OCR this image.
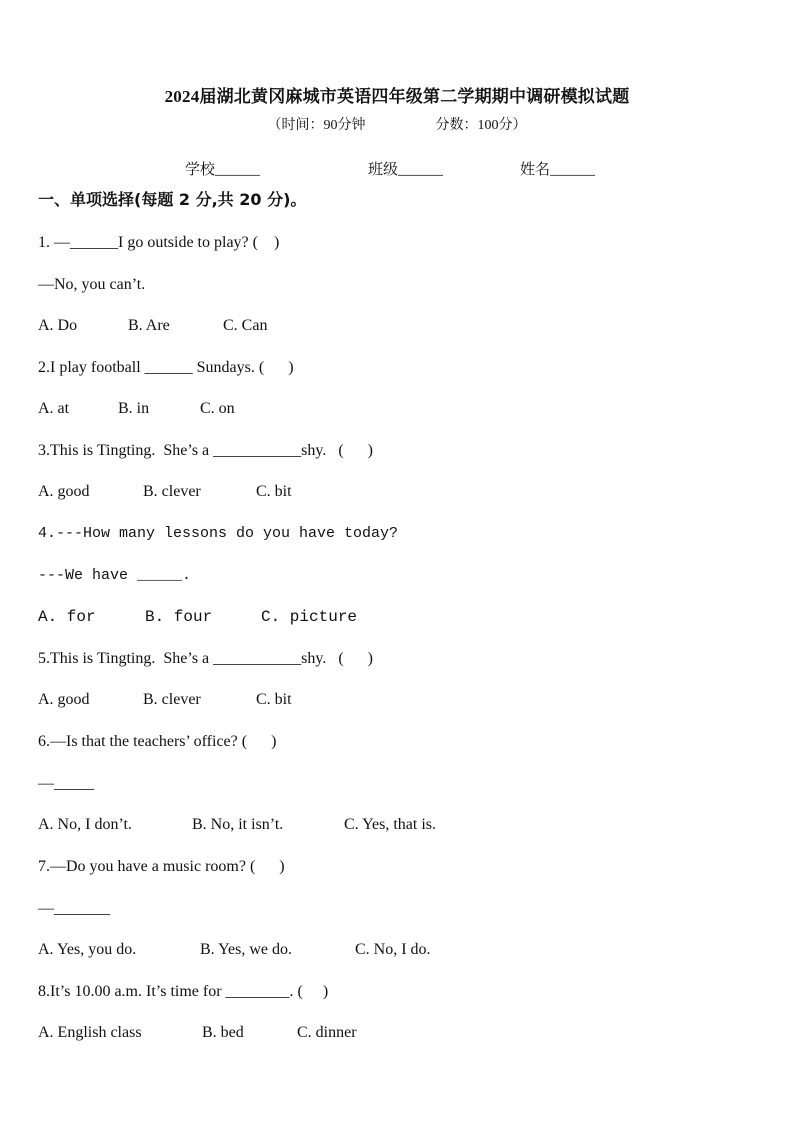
2024届湖北黄冈麻城市英语四年级第二学期期中调研模拟试题
（时间：90分钟	分数：100分）
学校______	班级______	姓名______
一、单项选择(每题 2 分,共 20 分)。
1. —______I go outside to play? (    )
—No, you can’t.
A. Do	B. Are	C. Can
2.I play football ______ Sundays. (      )
A. at	B. in	C. on
3.This is Tingting.  She’s a ___________shy.   (      )
A. good	B. clever	C. bit
4.---How many lessons do you have today?
---We have _____.
A. for	B. four	C. picture
5.This is Tingting.  She’s a ___________shy.   (      )
A. good	B. clever	C. bit
6.—Is that the teachers’ office? (      )
—_____
A. No, I don’t.	B. No, it isn’t.	C. Yes, that is.
7.—Do you have a music room? (      )
—_______
A. Yes, you do.	B. Yes, we do.	C. No, I do.
8.It’s 10.00 a.m. It’s time for ________. (     )
A. English class	B. bed	C. dinner
